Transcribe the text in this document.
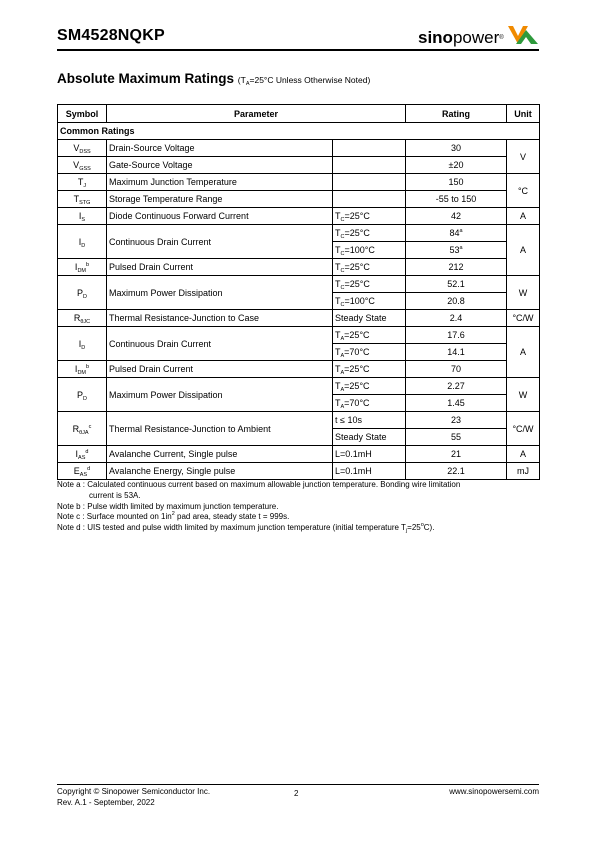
SM4528NQKP	sinopower®
Absolute Maximum Ratings ($T_A=25^\circ C$ Unless Otherwise Noted)
Symbol	Parameter		Rating	Unit
Common Ratings				
$V_{DSS}$	Drain-Source Voltage		30	V
$V_{GSS}$	Gate-Source Voltage		±20	
$T_J$	Maximum Junction Temperature		150	°C
$T_{STG}$	Storage Temperature Range		-55 to 150	
$I_S$	Diode Continuous Forward Current	$T_C=25^\circ C$	42	A
$I_D$	Continuous Drain Current	$T_C=25^\circ C$	84$^a$	A
		$T_C=100^\circ C$	53$^a$
$I_{DM}^b$	Pulsed Drain Current	$T_C=25^\circ C$	212	
$P_D$	Maximum Power Dissipation	$T_C=25^\circ C$	52.1	W
		$T_C=100^\circ C$	20.8	
$R_{\theta JC}$	Thermal Resistance-Junction to Case	Steady State	2.4	°C/W
$I_D$	Continuous Drain Current	$T_A=25^\circ C$	17.6	A
		$T_A=70^\circ C$	14.1	
$I_{DM}^b$	Pulsed Drain Current	$T_A=25^\circ C$	70	
$P_D$	Maximum Power Dissipation	$T_A=25^\circ C$	2.27	W
		$T_A=70^\circ C$	1.45	
$R_{\theta JA}^c$	Thermal Resistance-Junction to Ambient	t ≤ 10s	23	°C/W
		Steady State	55	
$I_{AS}^d$	Avalanche Current, Single pulse	L=0.1mH	21	A
$E_{AS}^d$	Avalanche Energy, Single pulse	L=0.1mH	22.1	mJ
Note a : Calculated continuous current based on maximum allowable junction temperature. Bonding wire limitation
current is 53A.
Note b : Pulse width limited by maximum junction temperature.
Note c : Surface mounted on $1in^2$ pad area, steady state t = 999s.
Note d : UIS tested and pulse width limited by maximum junction temperature (initial temperature $T_j=25^oC$).
Copyright © Sinopower Semiconductor Inc.
Rev. A.1 - September, 2022
2	www.sinopowersemi.com
